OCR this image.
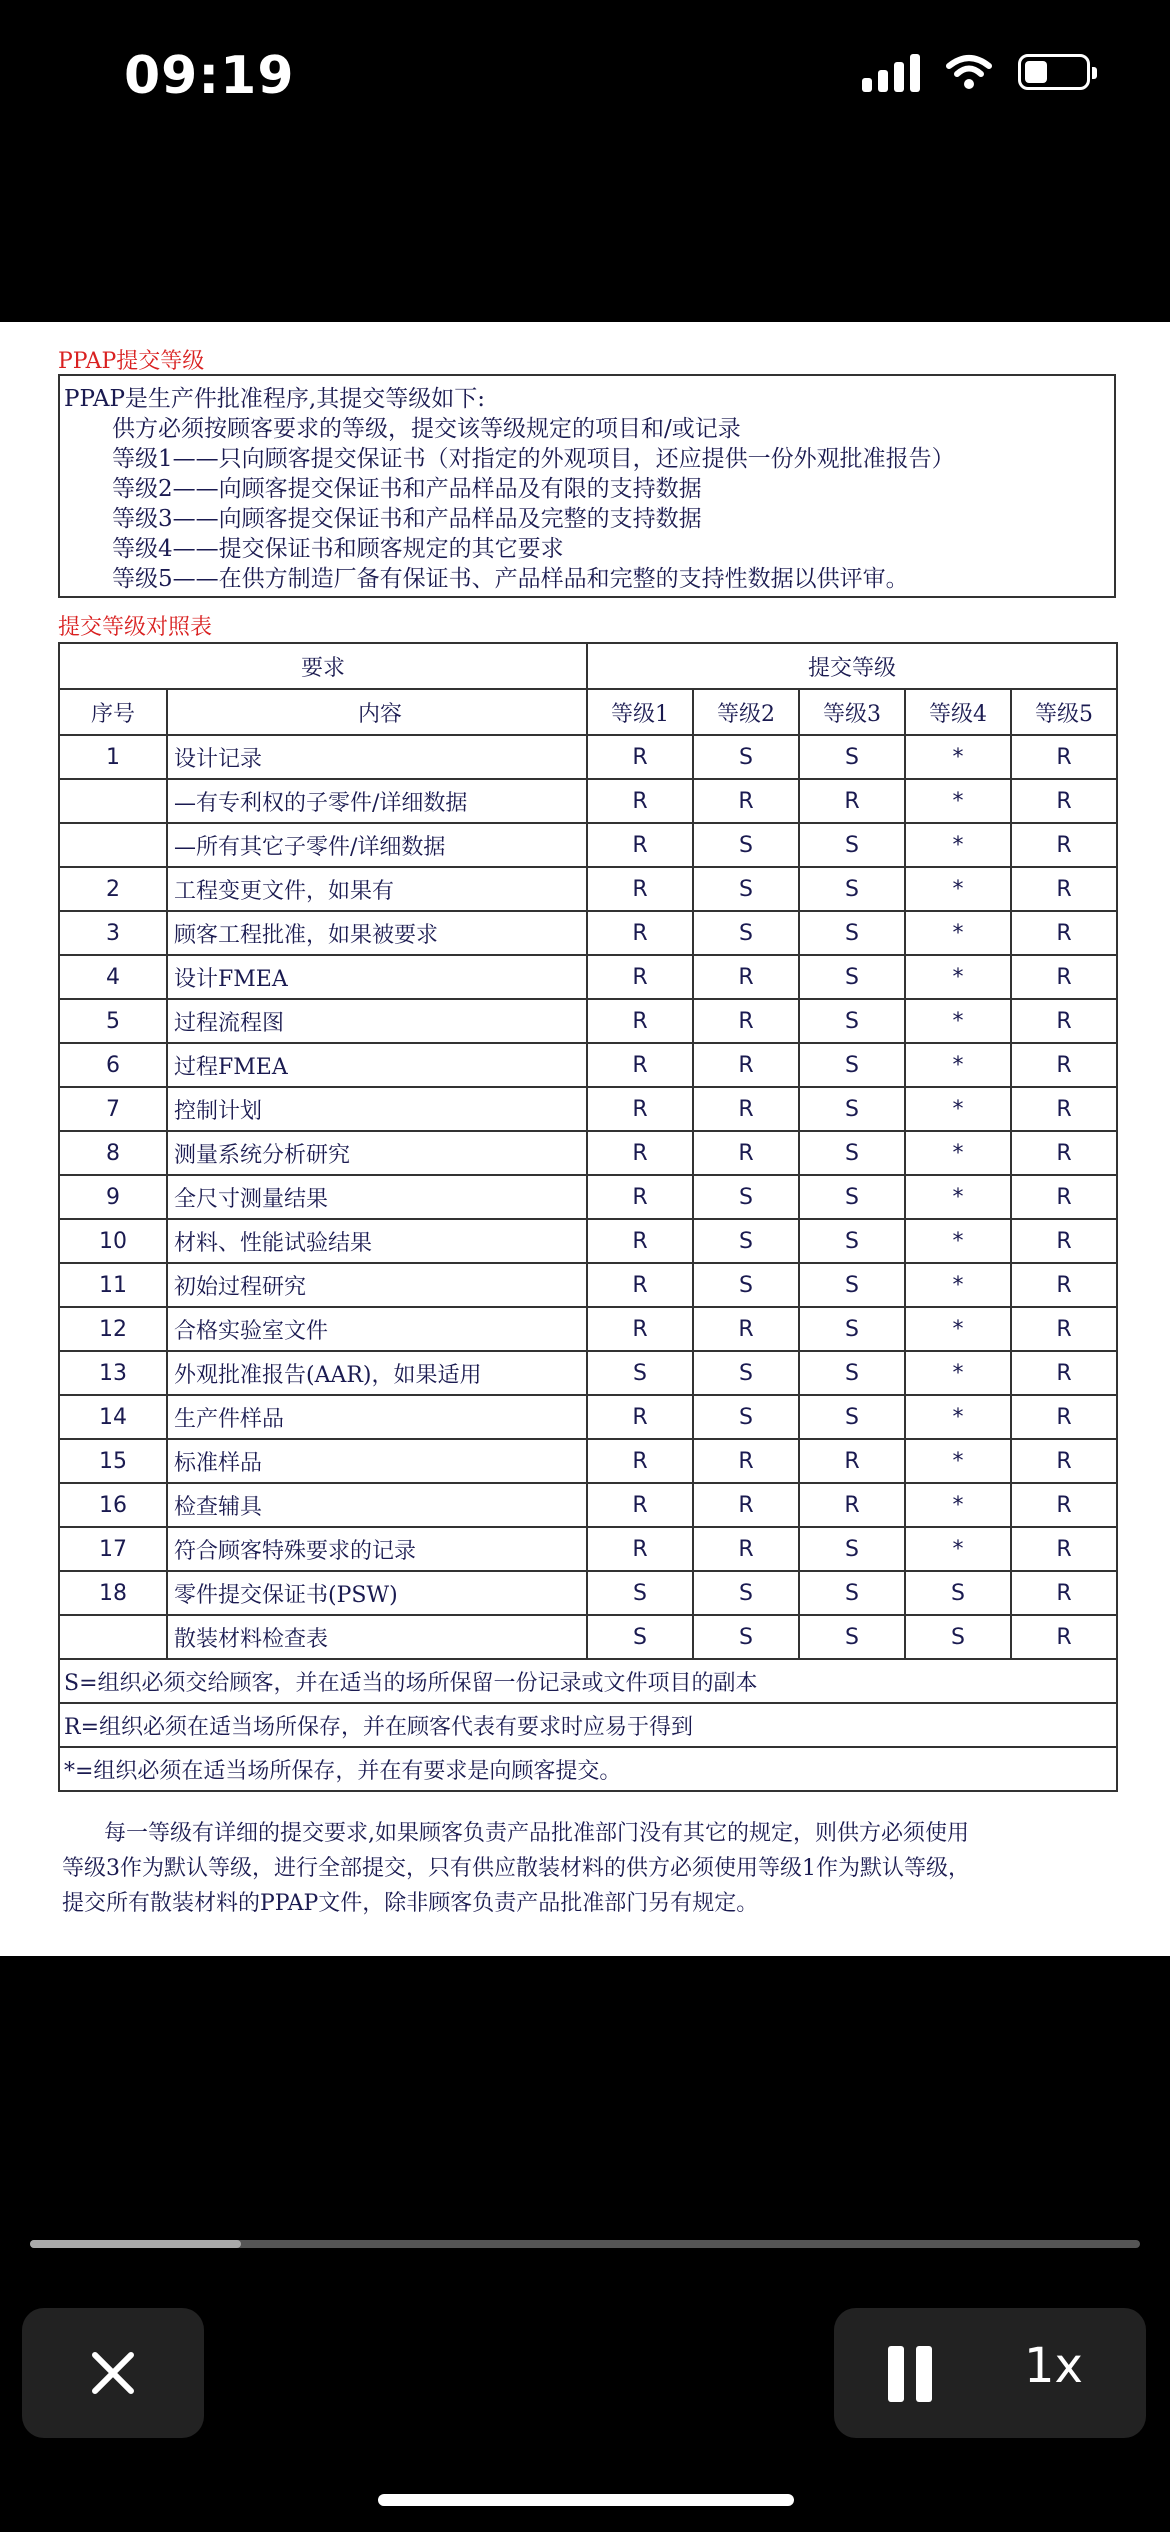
09:19
PPAP提交等级
PPAP是生产件批准程序,其提交等级如下:
供方必须按顾客要求的等级，提交该等级规定的项目和/或记录
等级1——只向顾客提交保证书（对指定的外观项目，还应提供一份外观批准报告）
等级2——向顾客提交保证书和产品样品及有限的支持数据
等级3——向顾客提交保证书和产品样品及完整的支持数据
等级4——提交保证书和顾客规定的其它要求
等级5——在供方制造厂备有保证书、产品样品和完整的支持性数据以供评审。
提交等级对照表
要求		提交等级				
序号	内容	等级1	等级2	等级3	等级4	等级5
1	设计记录	R	S	S	*	R
	—有专利权的子零件/详细数据	R	R	R	*	R
	—所有其它子零件/详细数据	R	S	S	*	R
2	工程变更文件，如果有	R	S	S	*	R
3	顾客工程批准，如果被要求	R	S	S	*	R
4	设计FMEA	R	R	S	*	R
5	过程流程图	R	R	S	*	R
6	过程FMEA	R	R	S	*	R
7	控制计划	R	R	S	*	R
8	测量系统分析研究	R	R	S	*	R
9	全尺寸测量结果	R	S	S	*	R
10	材料、性能试验结果	R	S	S	*	R
11	初始过程研究	R	S	S	*	R
12	合格实验室文件	R	R	S	*	R
13	外观批准报告(AAR)，如果适用	S	S	S	*	R
14	生产件样品	R	S	S	*	R
15	标准样品	R	R	R	*	R
16	检查辅具	R	R	R	*	R
17	符合顾客特殊要求的记录	R	R	S	*	R
18	零件提交保证书(PSW)	S	S	S	S	R
	散装材料检查表	S	S	S	S	R
S=组织必须交给顾客，并在适当的场所保留一份记录或文件项目的副本						
R=组织必须在适当场所保存，并在顾客代表有要求时应易于得到						
*=组织必须在适当场所保存，并在有要求是向顾客提交。						
每一等级有详细的提交要求,如果顾客负责产品批准部门没有其它的规定，则供方必须使用
等级3作为默认等级，进行全部提交，只有供应散装材料的供方必须使用等级1作为默认等级，
提交所有散装材料的PPAP文件，除非顾客负责产品批准部门另有规定。
1x
